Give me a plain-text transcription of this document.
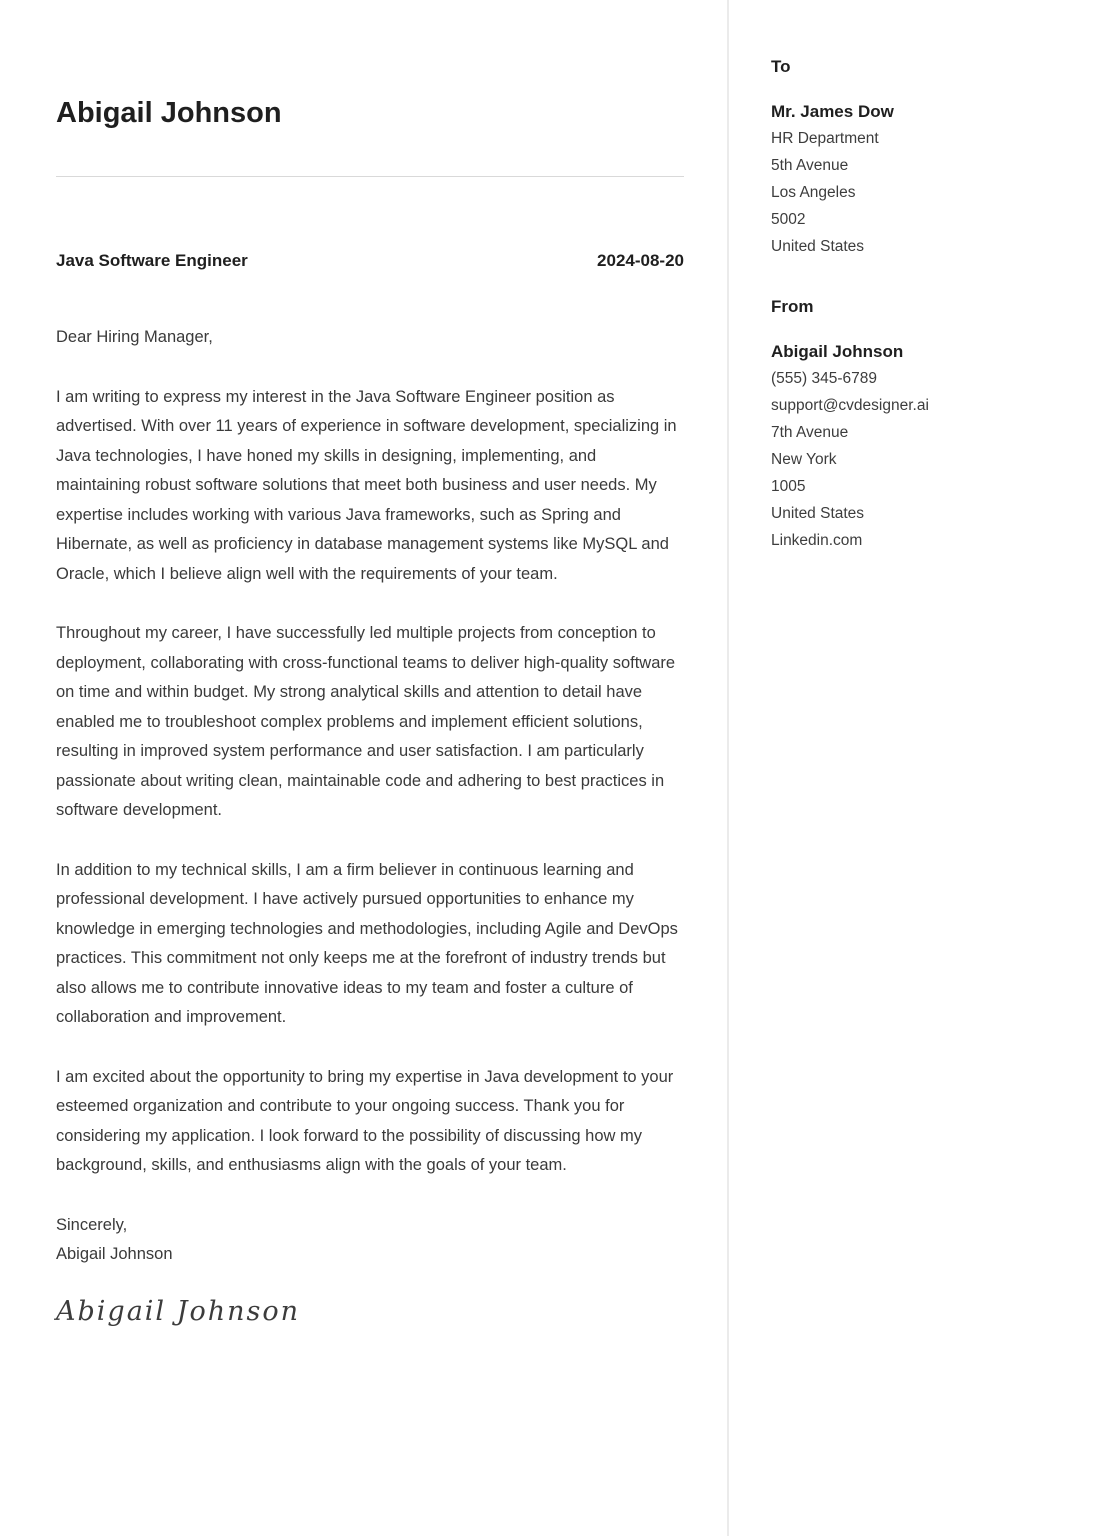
Abigail Johnson
Java Software Engineer	2024-08-20

Dear Hiring Manager,

I am writing to express my interest in the Java Software Engineer position as advertised. With over 11 years of experience in software development, specializing in Java technologies, I have honed my skills in designing, implementing, and maintaining robust software solutions that meet both business and user needs. My expertise includes working with various Java frameworks, such as Spring and Hibernate, as well as proficiency in database management systems like MySQL and Oracle, which I believe align well with the requirements of your team.

Throughout my career, I have successfully led multiple projects from conception to deployment, collaborating with cross-functional teams to deliver high-quality software on time and within budget. My strong analytical skills and attention to detail have enabled me to troubleshoot complex problems and implement efficient solutions, resulting in improved system performance and user satisfaction. I am particularly passionate about writing clean, maintainable code and adhering to best practices in software development.

In addition to my technical skills, I am a firm believer in continuous learning and professional development. I have actively pursued opportunities to enhance my knowledge in emerging technologies and methodologies, including Agile and DevOps practices. This commitment not only keeps me at the forefront of industry trends but also allows me to contribute innovative ideas to my team and foster a culture of collaboration and improvement.

I am excited about the opportunity to bring my expertise in Java development to your esteemed organization and contribute to your ongoing success. Thank you for considering my application. I look forward to the possibility of discussing how my background, skills, and enthusiasms align with the goals of your team.

Sincerely,

Abigail Johnson

Abigail Johnson
To
Mr. James Dow
HR Department
5th Avenue
Los Angeles
5002
United States
From
Abigail Johnson
(555) 345-6789
support@cvdesigner.ai
7th Avenue
New York
1005
United States
Linkedin.com
